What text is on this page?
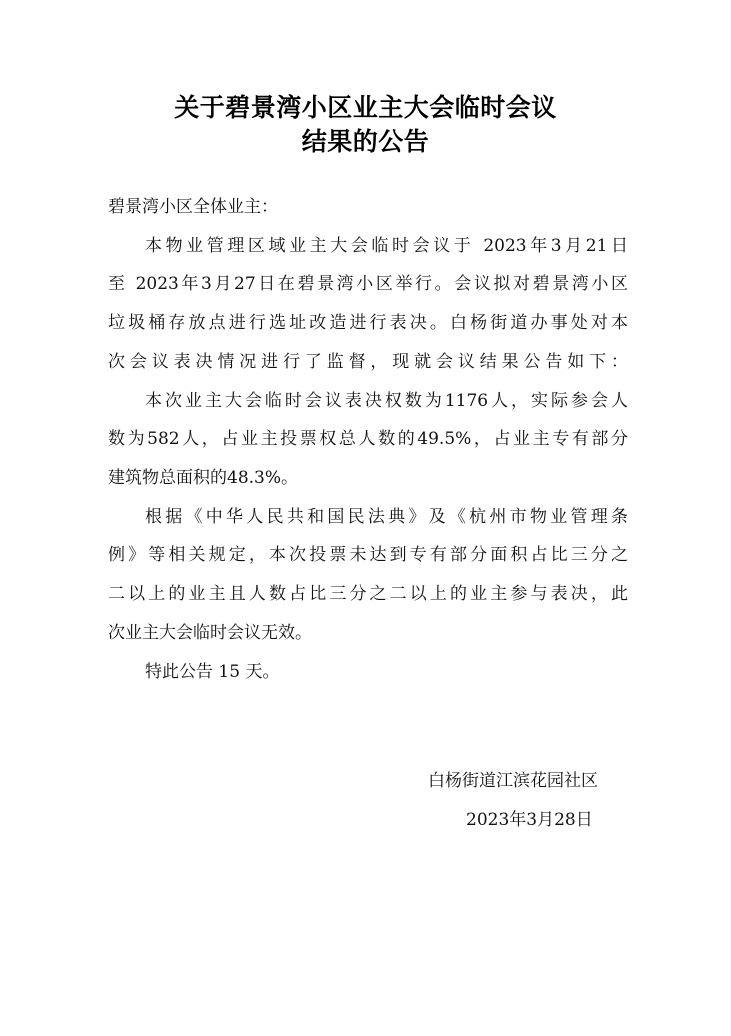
关于碧景湾小区业主大会临时会议
结果的公告
碧景湾小区全体业主：
本物业管理区域业主大会临时会议于 2023年3月21日
至 2023年3月27日在碧景湾小区举行。会议拟对碧景湾小区
垃圾桶存放点进行选址改造进行表决。白杨街道办事处对本
次会议表决情况进行了监督，现就会议结果公告如下：
本次业主大会临时会议表决权数为1176人，实际参会人
数为582人，占业主投票权总人数的49.5%，占业主专有部分
建筑物总面积的48.3%。
根据《中华人民共和国民法典》及《杭州市物业管理条
例》等相关规定，本次投票未达到专有部分面积占比三分之
二以上的业主且人数占比三分之二以上的业主参与表决，此
次业主大会临时会议无效。
特此公告 15 天。
白杨街道江滨花园社区
2023年3月28日
